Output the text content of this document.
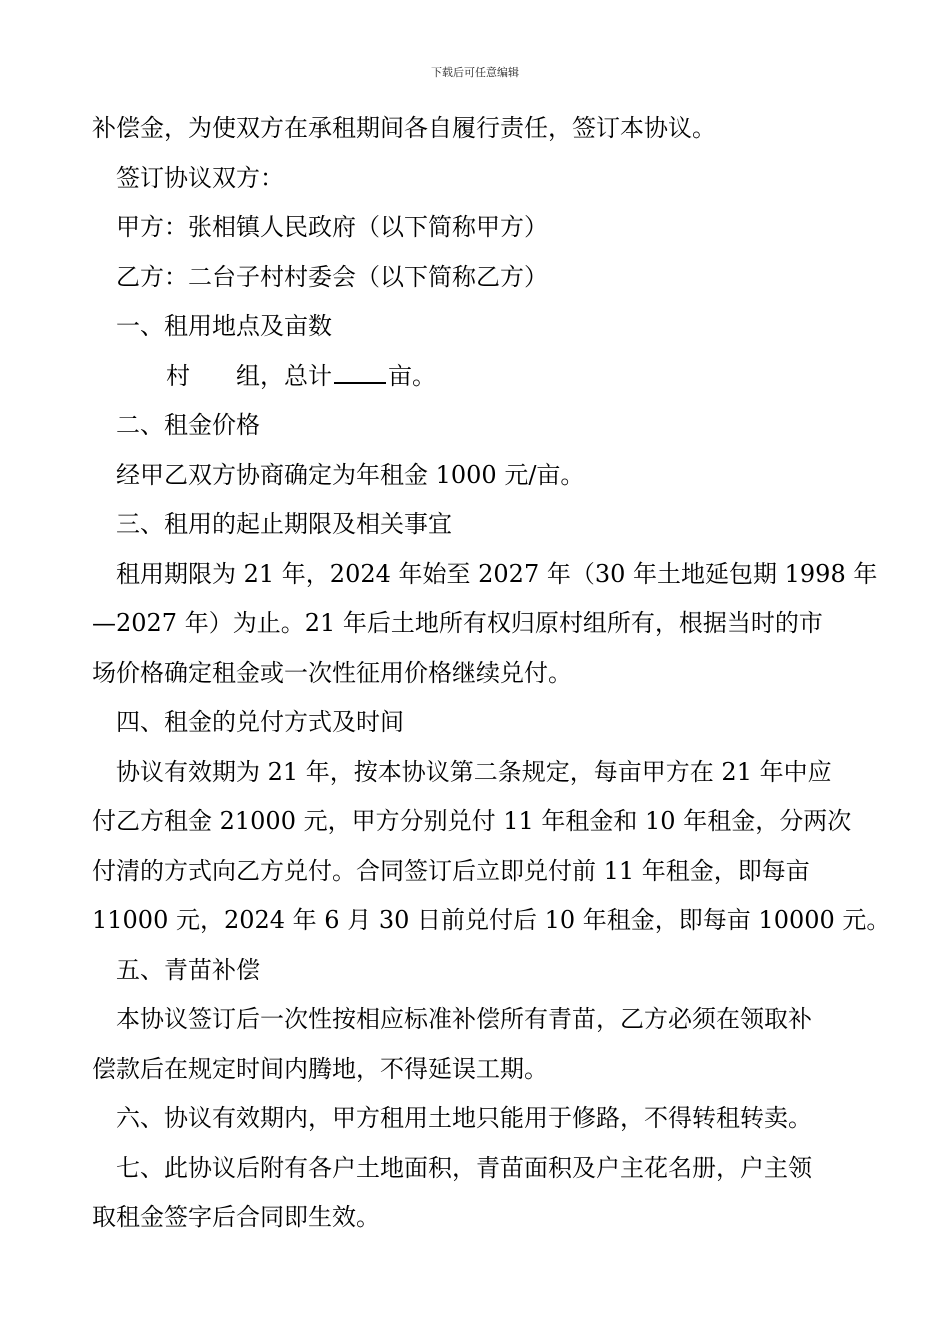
下载后可任意编辑
补偿金，为使双方在承租期间各自履行责任，签订本协议。
签订协议双方：
甲方：张相镇人民政府（以下简称甲方）
乙方：二台子村村委会（以下简称乙方）
一、租用地点及亩数
村 组，总计 亩。
二、租金价格
经甲乙双方协商确定为年租金 1000 元/亩。
三、租用的起止期限及相关事宜
租用期限为 21 年，2024 年始至 2027 年（30 年土地延包期 1998 年
—2027 年）为止。21 年后土地所有权归原村组所有，根据当时的市
场价格确定租金或一次性征用价格继续兑付。
四、租金的兑付方式及时间
协议有效期为 21 年，按本协议第二条规定，每亩甲方在 21 年中应
付乙方租金 21000 元，甲方分别兑付 11 年租金和 10 年租金，分两次
付清的方式向乙方兑付。合同签订后立即兑付前 11 年租金，即每亩
11000 元，2024 年 6 月 30 日前兑付后 10 年租金，即每亩 10000 元。
五、青苗补偿
本协议签订后一次性按相应标准补偿所有青苗，乙方必须在领取补
偿款后在规定时间内腾地，不得延误工期。
六、协议有效期内，甲方租用土地只能用于修路，不得转租转卖。
七、此协议后附有各户土地面积，青苗面积及户主花名册，户主领
取租金签字后合同即生效。
